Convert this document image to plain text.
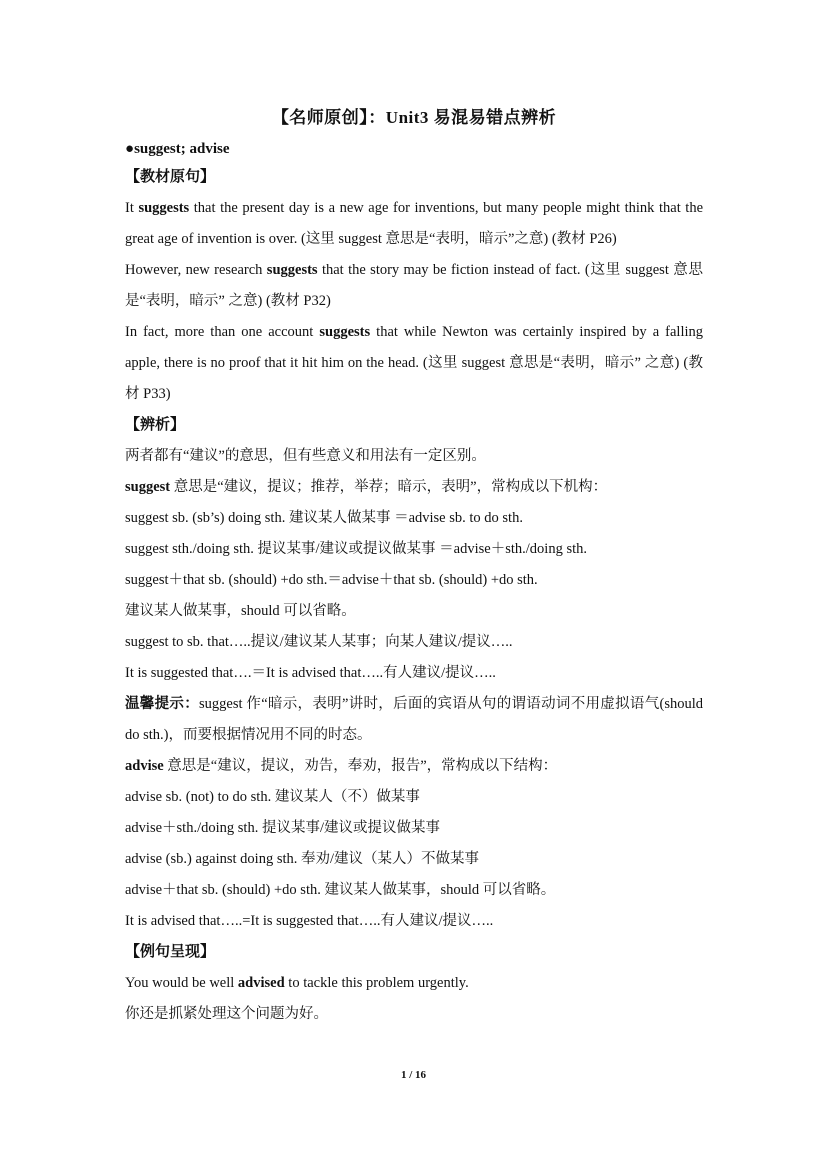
【名师原创】：Unit3 易混易错点辨析

●suggest; advise

【教材原句】

It suggests that the present day is a new age for inventions, but many people might think that the great age of invention is over. (这里 suggest 意思是“表明，暗示”之意) (教材 P26)

However, new research suggests that the story may be fiction instead of fact. (这里 suggest 意思是“表明，暗示” 之意) (教材 P32)

In fact, more than one account suggests that while Newton was certainly inspired by a falling apple, there is no proof that it hit him on the head. (这里 suggest 意思是“表明，暗示” 之意) (教材 P33)

【辨析】

两者都有“建议”的意思，但有些意义和用法有一定区别。

suggest 意思是“建议，提议；推荐，举荐；暗示，表明”，常构成以下机构：

suggest sb. (sb’s) doing sth. 建议某人做某事 ＝advise sb. to do sth.

suggest sth./doing sth. 提议某事/建议或提议做某事 ＝advise＋sth./doing sth.

suggest＋that sb. (should) +do sth.＝advise＋that sb. (should) +do sth.

建议某人做某事，should 可以省略。

suggest to sb. that…..提议/建议某人某事；向某人建议/提议…..

It is suggested that….＝It is advised that…..有人建议/提议…..

温馨提示：suggest 作“暗示，表明”讲时，后面的宾语从句的谓语动词不用虚拟语气(should do sth.)，而要根据情况用不同的时态。

advise 意思是“建议，提议，劝告，奉劝，报告”，常构成以下结构：

advise sb. (not) to do sth. 建议某人（不）做某事

advise＋sth./doing sth. 提议某事/建议或提议做某事

advise (sb.) against doing sth. 奉劝/建议（某人）不做某事

advise＋that sb. (should) +do sth. 建议某人做某事，should 可以省略。

It is advised that…..=It is suggested that…..有人建议/提议…..

【例句呈现】

You would be well advised to tackle this problem urgently.

你还是抓紧处理这个问题为好。

1 / 16
